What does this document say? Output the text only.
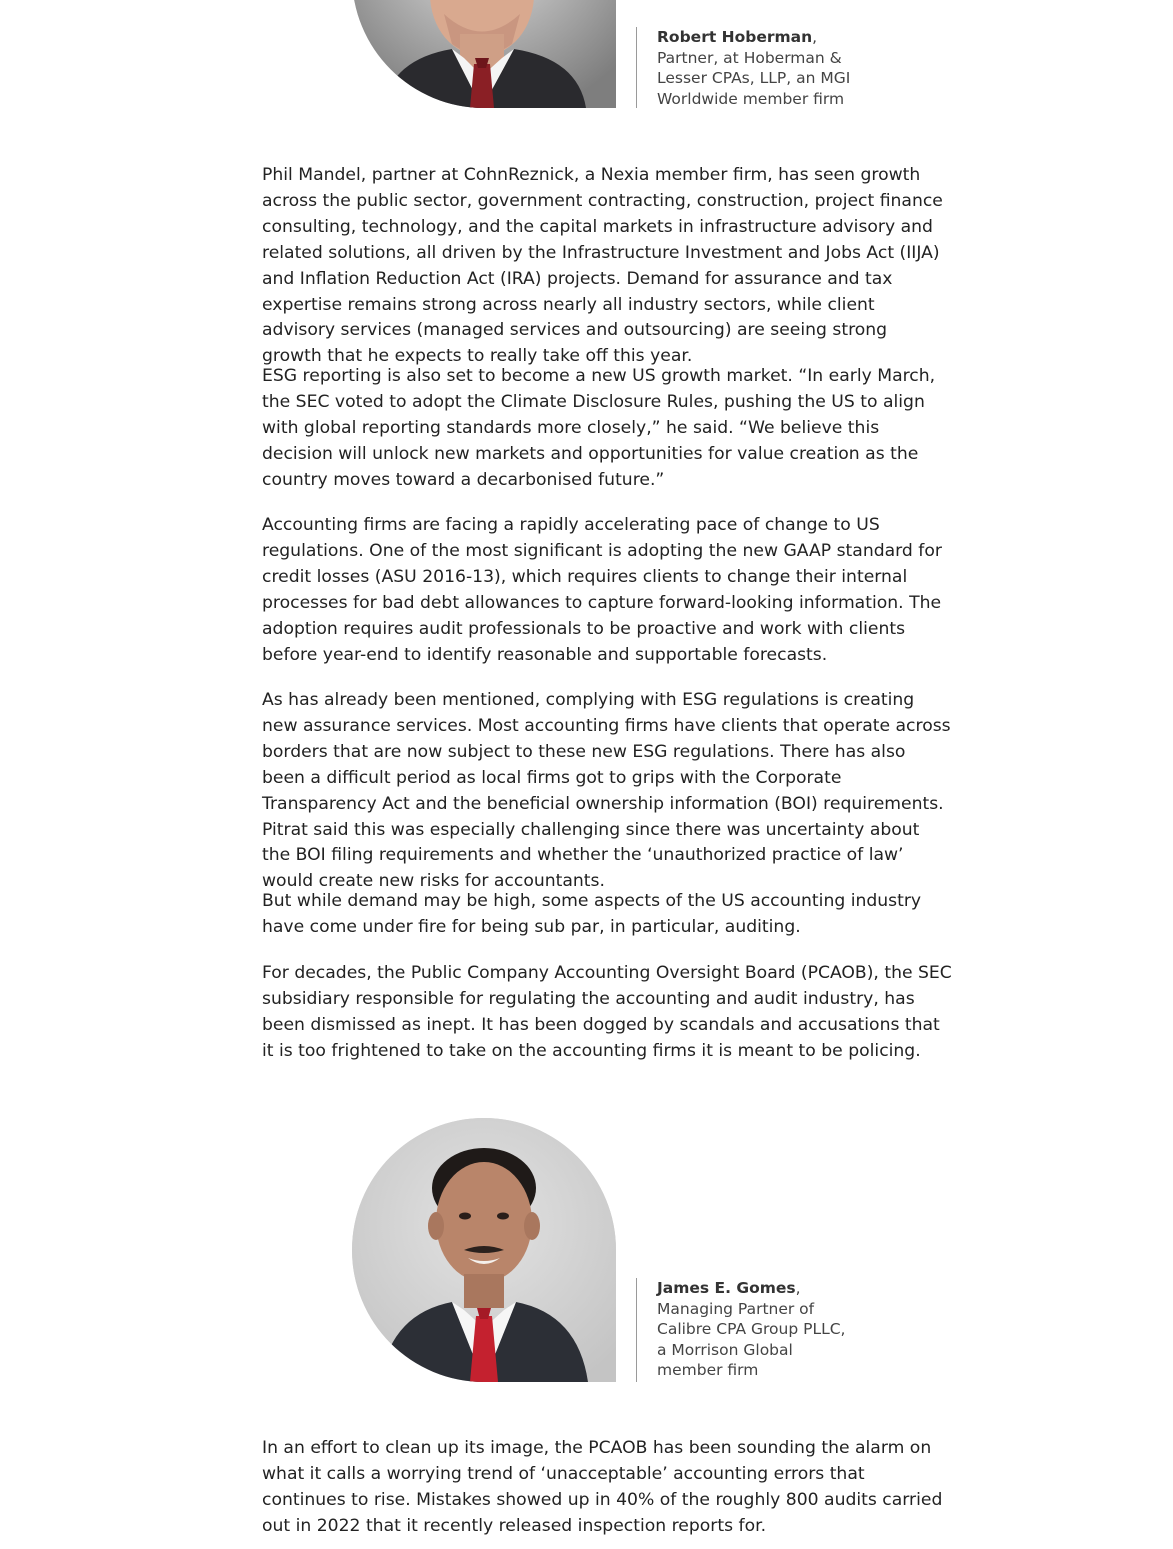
Robert Hoberman,
Partner, at Hoberman &
Lesser CPAs, LLP, an MGI
Worldwide member firm

Phil Mandel, partner at CohnReznick, a Nexia member firm, has seen growth across the public sector, government contracting, construction, project finance consulting, technology, and the capital markets in infrastructure advisory and related solutions, all driven by the Infrastructure Investment and Jobs Act (IIJA) and Inflation Reduction Act (IRA) projects. Demand for assurance and tax expertise remains strong across nearly all industry sectors, while client advisory services (managed services and outsourcing) are seeing strong growth that he expects to really take off this year.

ESG reporting is also set to become a new US growth market. “In early March, the SEC voted to adopt the Climate Disclosure Rules, pushing the US to align with global reporting standards more closely,” he said. “We believe this decision will unlock new markets and opportunities for value creation as the country moves toward a decarbonised future.”

Accounting firms are facing a rapidly accelerating pace of change to US regulations. One of the most significant is adopting the new GAAP standard for credit losses (ASU 2016-13), which requires clients to change their internal processes for bad debt allowances to capture forward-looking information. The adoption requires audit professionals to be proactive and work with clients before year-end to identify reasonable and supportable forecasts.

As has already been mentioned, complying with ESG regulations is creating new assurance services. Most accounting firms have clients that operate across borders that are now subject to these new ESG regulations. There has also been a difficult period as local firms got to grips with the Corporate Transparency Act and the beneficial ownership information (BOI) requirements. Pitrat said this was especially challenging since there was uncertainty about the BOI filing requirements and whether the ‘unauthorized practice of law’ would create new risks for accountants.

But while demand may be high, some aspects of the US accounting industry have come under fire for being sub par, in particular, auditing.

For decades, the Public Company Accounting Oversight Board (PCAOB), the SEC subsidiary responsible for regulating the accounting and audit industry, has been dismissed as inept. It has been dogged by scandals and accusations that it is too frightened to take on the accounting firms it is meant to be policing.

James E. Gomes,
Managing Partner of
Calibre CPA Group PLLC,
a Morrison Global
member firm

In an effort to clean up its image, the PCAOB has been sounding the alarm on what it calls a worrying trend of ‘unacceptable’ accounting errors that continues to rise. Mistakes showed up in 40% of the roughly 800 audits carried out in 2022 that it recently released inspection reports for.
